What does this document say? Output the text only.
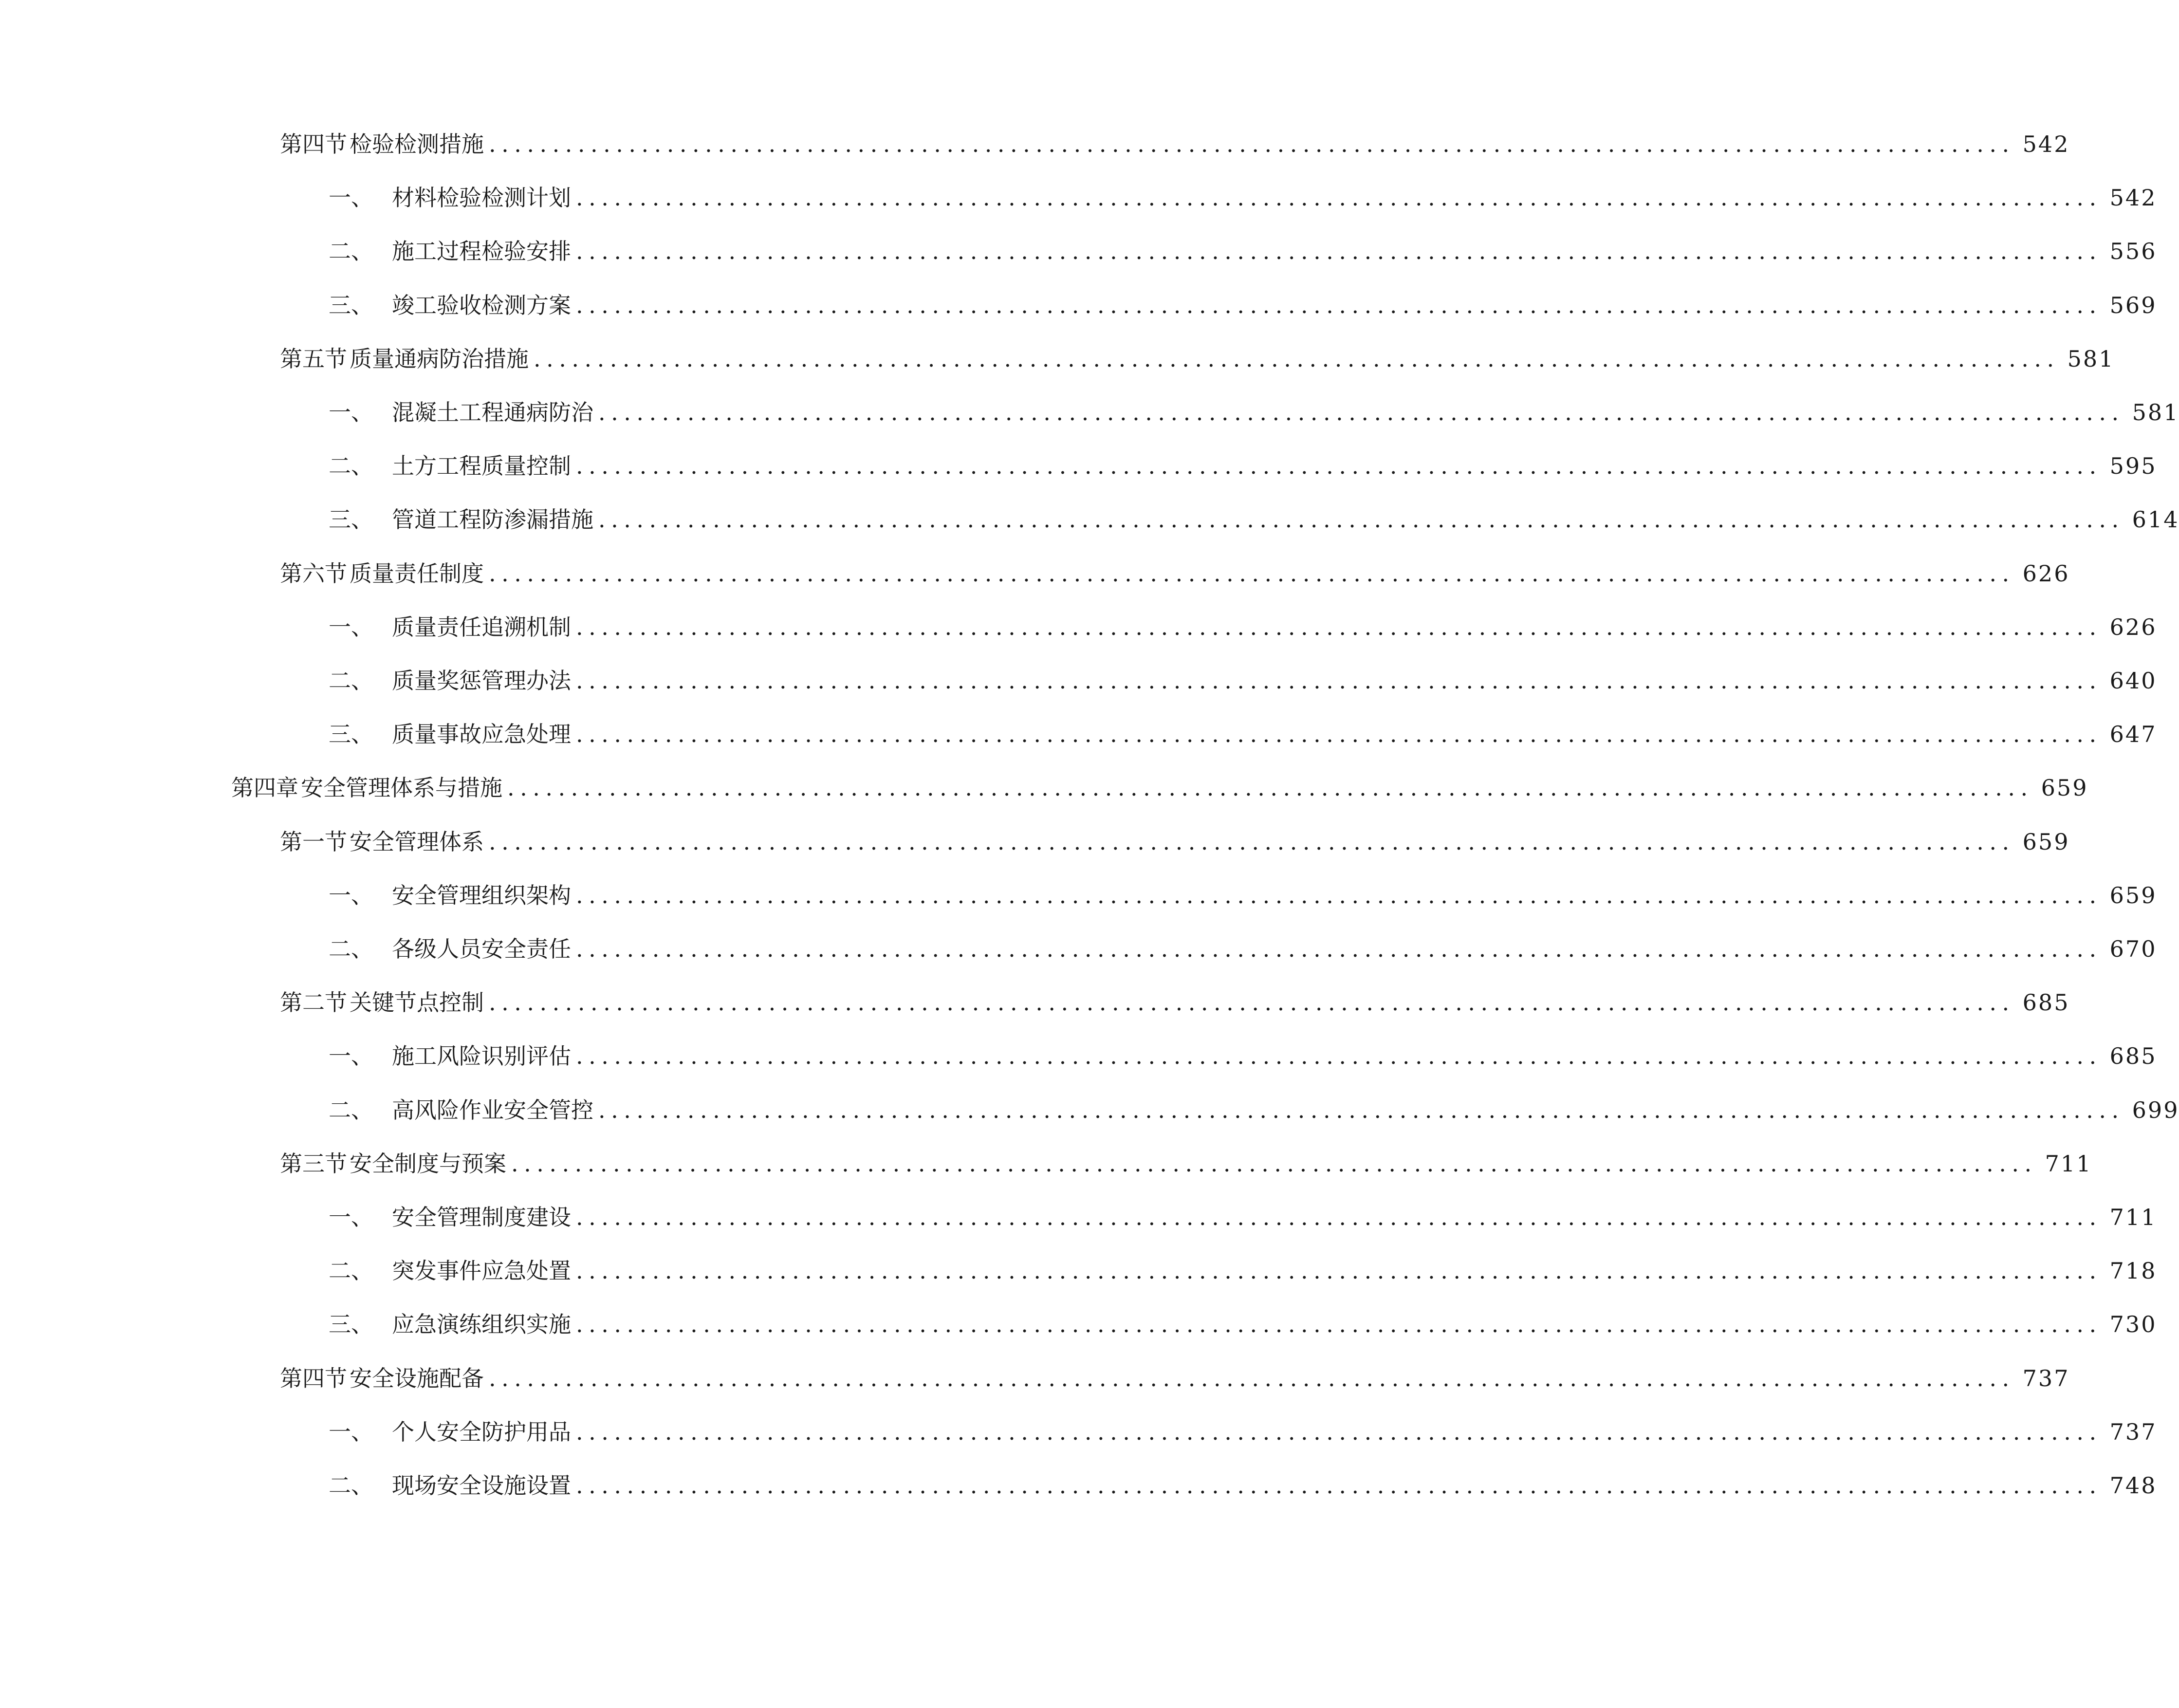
第四节 检验检测措施 ........................................................................................................................ 542
一、 材料检验检测计划 ........................................................................................................................ 542
二、 施工过程检验安排 ........................................................................................................................ 556
三、 竣工验收检测方案 ........................................................................................................................ 569
第五节 质量通病防治措施 ........................................................................................................................ 581
一、 混凝土工程通病防治 ........................................................................................................................ 581
二、 土方工程质量控制 ........................................................................................................................ 595
三、 管道工程防渗漏措施 ........................................................................................................................ 614
第六节 质量责任制度 ........................................................................................................................ 626
一、 质量责任追溯机制 ........................................................................................................................ 626
二、 质量奖惩管理办法 ........................................................................................................................ 640
三、 质量事故应急处理 ........................................................................................................................ 647
第四章 安全管理体系与措施 ........................................................................................................................ 659
第一节 安全管理体系 ........................................................................................................................ 659
一、 安全管理组织架构 ........................................................................................................................ 659
二、 各级人员安全责任 ........................................................................................................................ 670
第二节 关键节点控制 ........................................................................................................................ 685
一、 施工风险识别评估 ........................................................................................................................ 685
二、 高风险作业安全管控 ........................................................................................................................ 699
第三节 安全制度与预案 ........................................................................................................................ 711
一、 安全管理制度建设 ........................................................................................................................ 711
二、 突发事件应急处置 ........................................................................................................................ 718
三、 应急演练组织实施 ........................................................................................................................ 730
第四节 安全设施配备 ........................................................................................................................ 737
一、 个人安全防护用品 ........................................................................................................................ 737
二、 现场安全设施设置 ........................................................................................................................ 748
